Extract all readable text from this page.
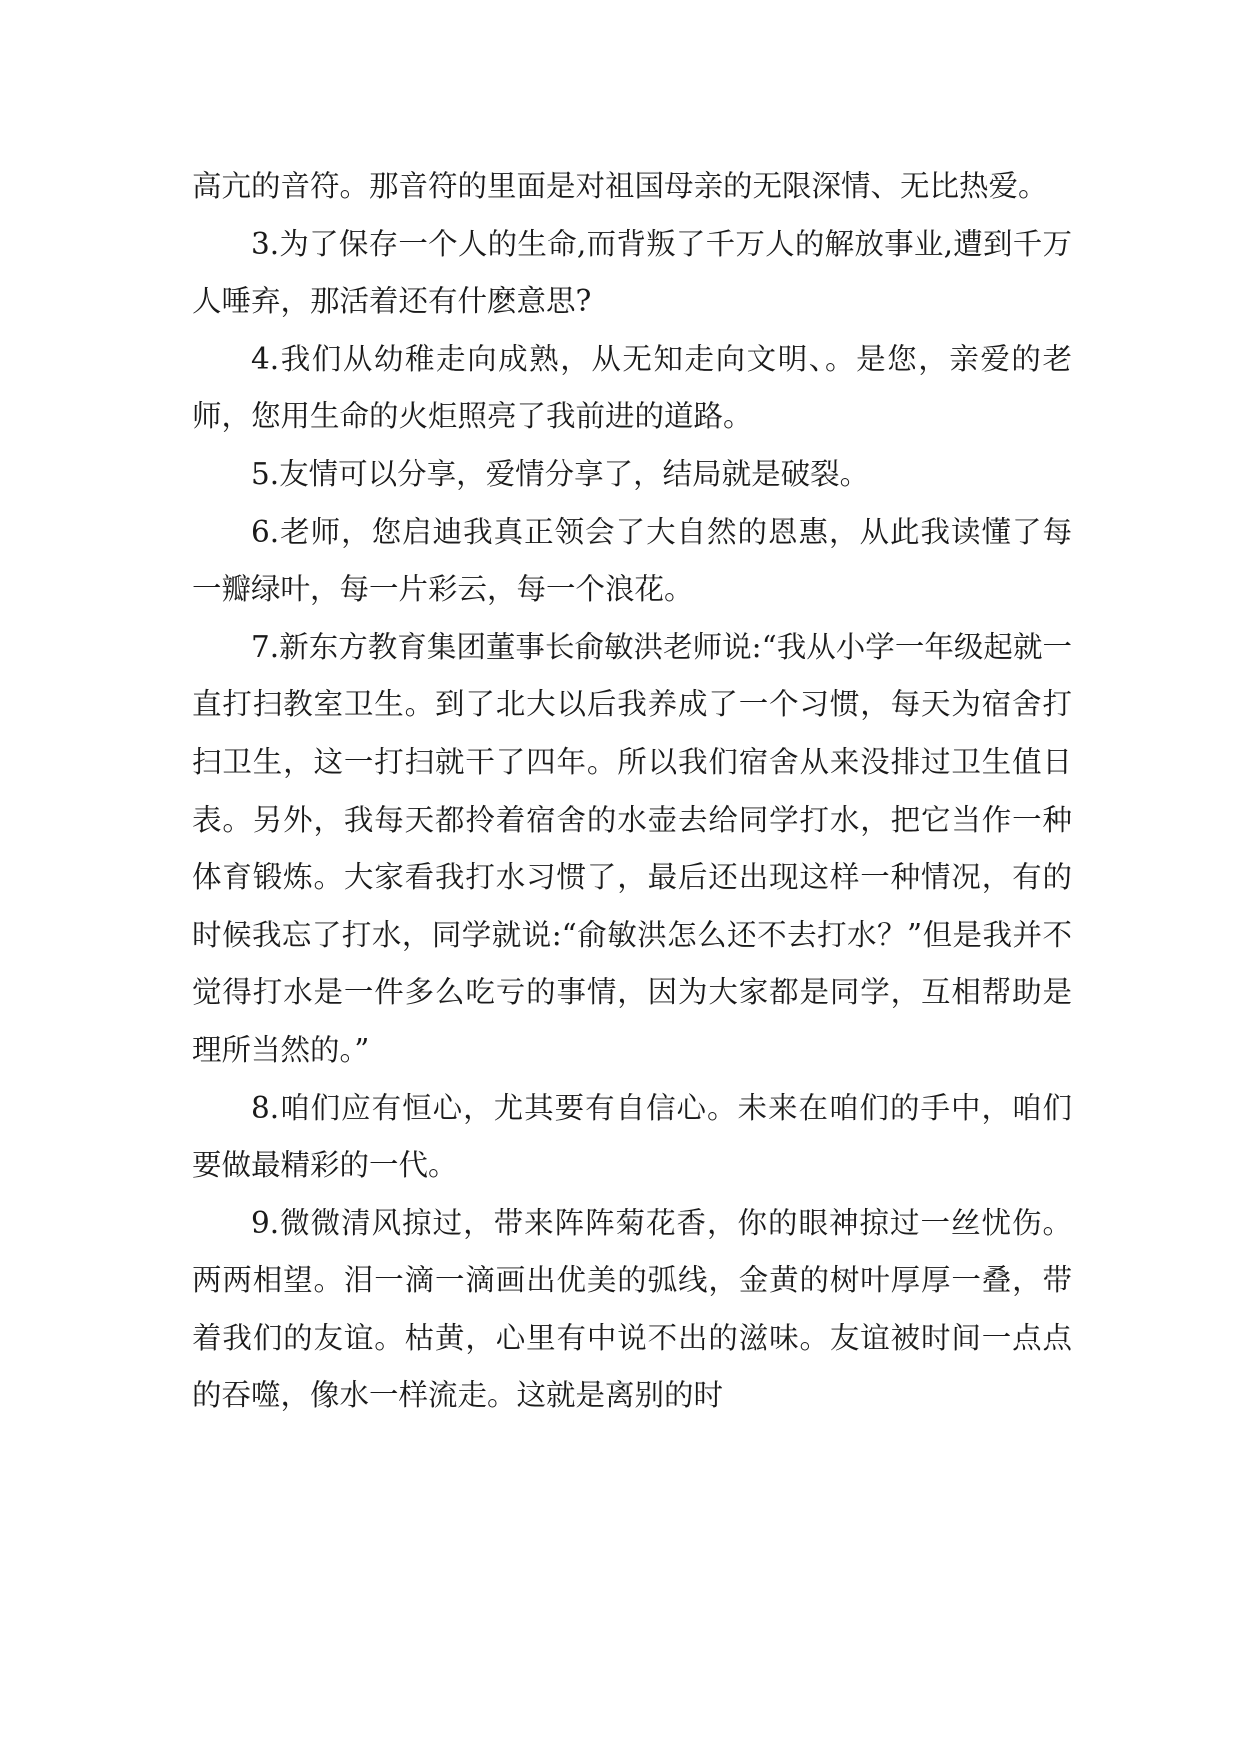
高亢的音符。那音符的里面是对祖国母亲的无限深情、无比热爱。

3.为了保存一个人的生命,而背叛了千万人的解放事业,遭到千万人唾弃，那活着还有什麽意思?

4.我们从幼稚走向成熟，从无知走向文明、。是您，亲爱的老师，您用生命的火炬照亮了我前进的道路。

5.友情可以分享，爱情分享了，结局就是破裂。

6.老师，您启迪我真正领会了大自然的恩惠，从此我读懂了每一瓣绿叶，每一片彩云，每一个浪花。

7.新东方教育集团董事长俞敏洪老师说:“我从小学一年级起就一直打扫教室卫生。到了北大以后我养成了一个习惯，每天为宿舍打扫卫生，这一打扫就干了四年。所以我们宿舍从来没排过卫生值日表。另外，我每天都拎着宿舍的水壶去给同学打水，把它当作一种体育锻炼。大家看我打水习惯了，最后还出现这样一种情况，有的时候我忘了打水，同学就说:“俞敏洪怎么还不去打水？”但是我并不觉得打水是一件多么吃亏的事情，因为大家都是同学，互相帮助是理所当然的。”

8.咱们应有恒心，尤其要有自信心。未来在咱们的手中，咱们要做最精彩的一代。

9.微微清风掠过，带来阵阵菊花香，你的眼神掠过一丝忧伤。两两相望。泪一滴一滴画出优美的弧线，金黄的树叶厚厚一叠，带着我们的友谊。枯黄，心里有中说不出的滋味。友谊被时间一点点的吞噬，像水一样流走。这就是离别的时
